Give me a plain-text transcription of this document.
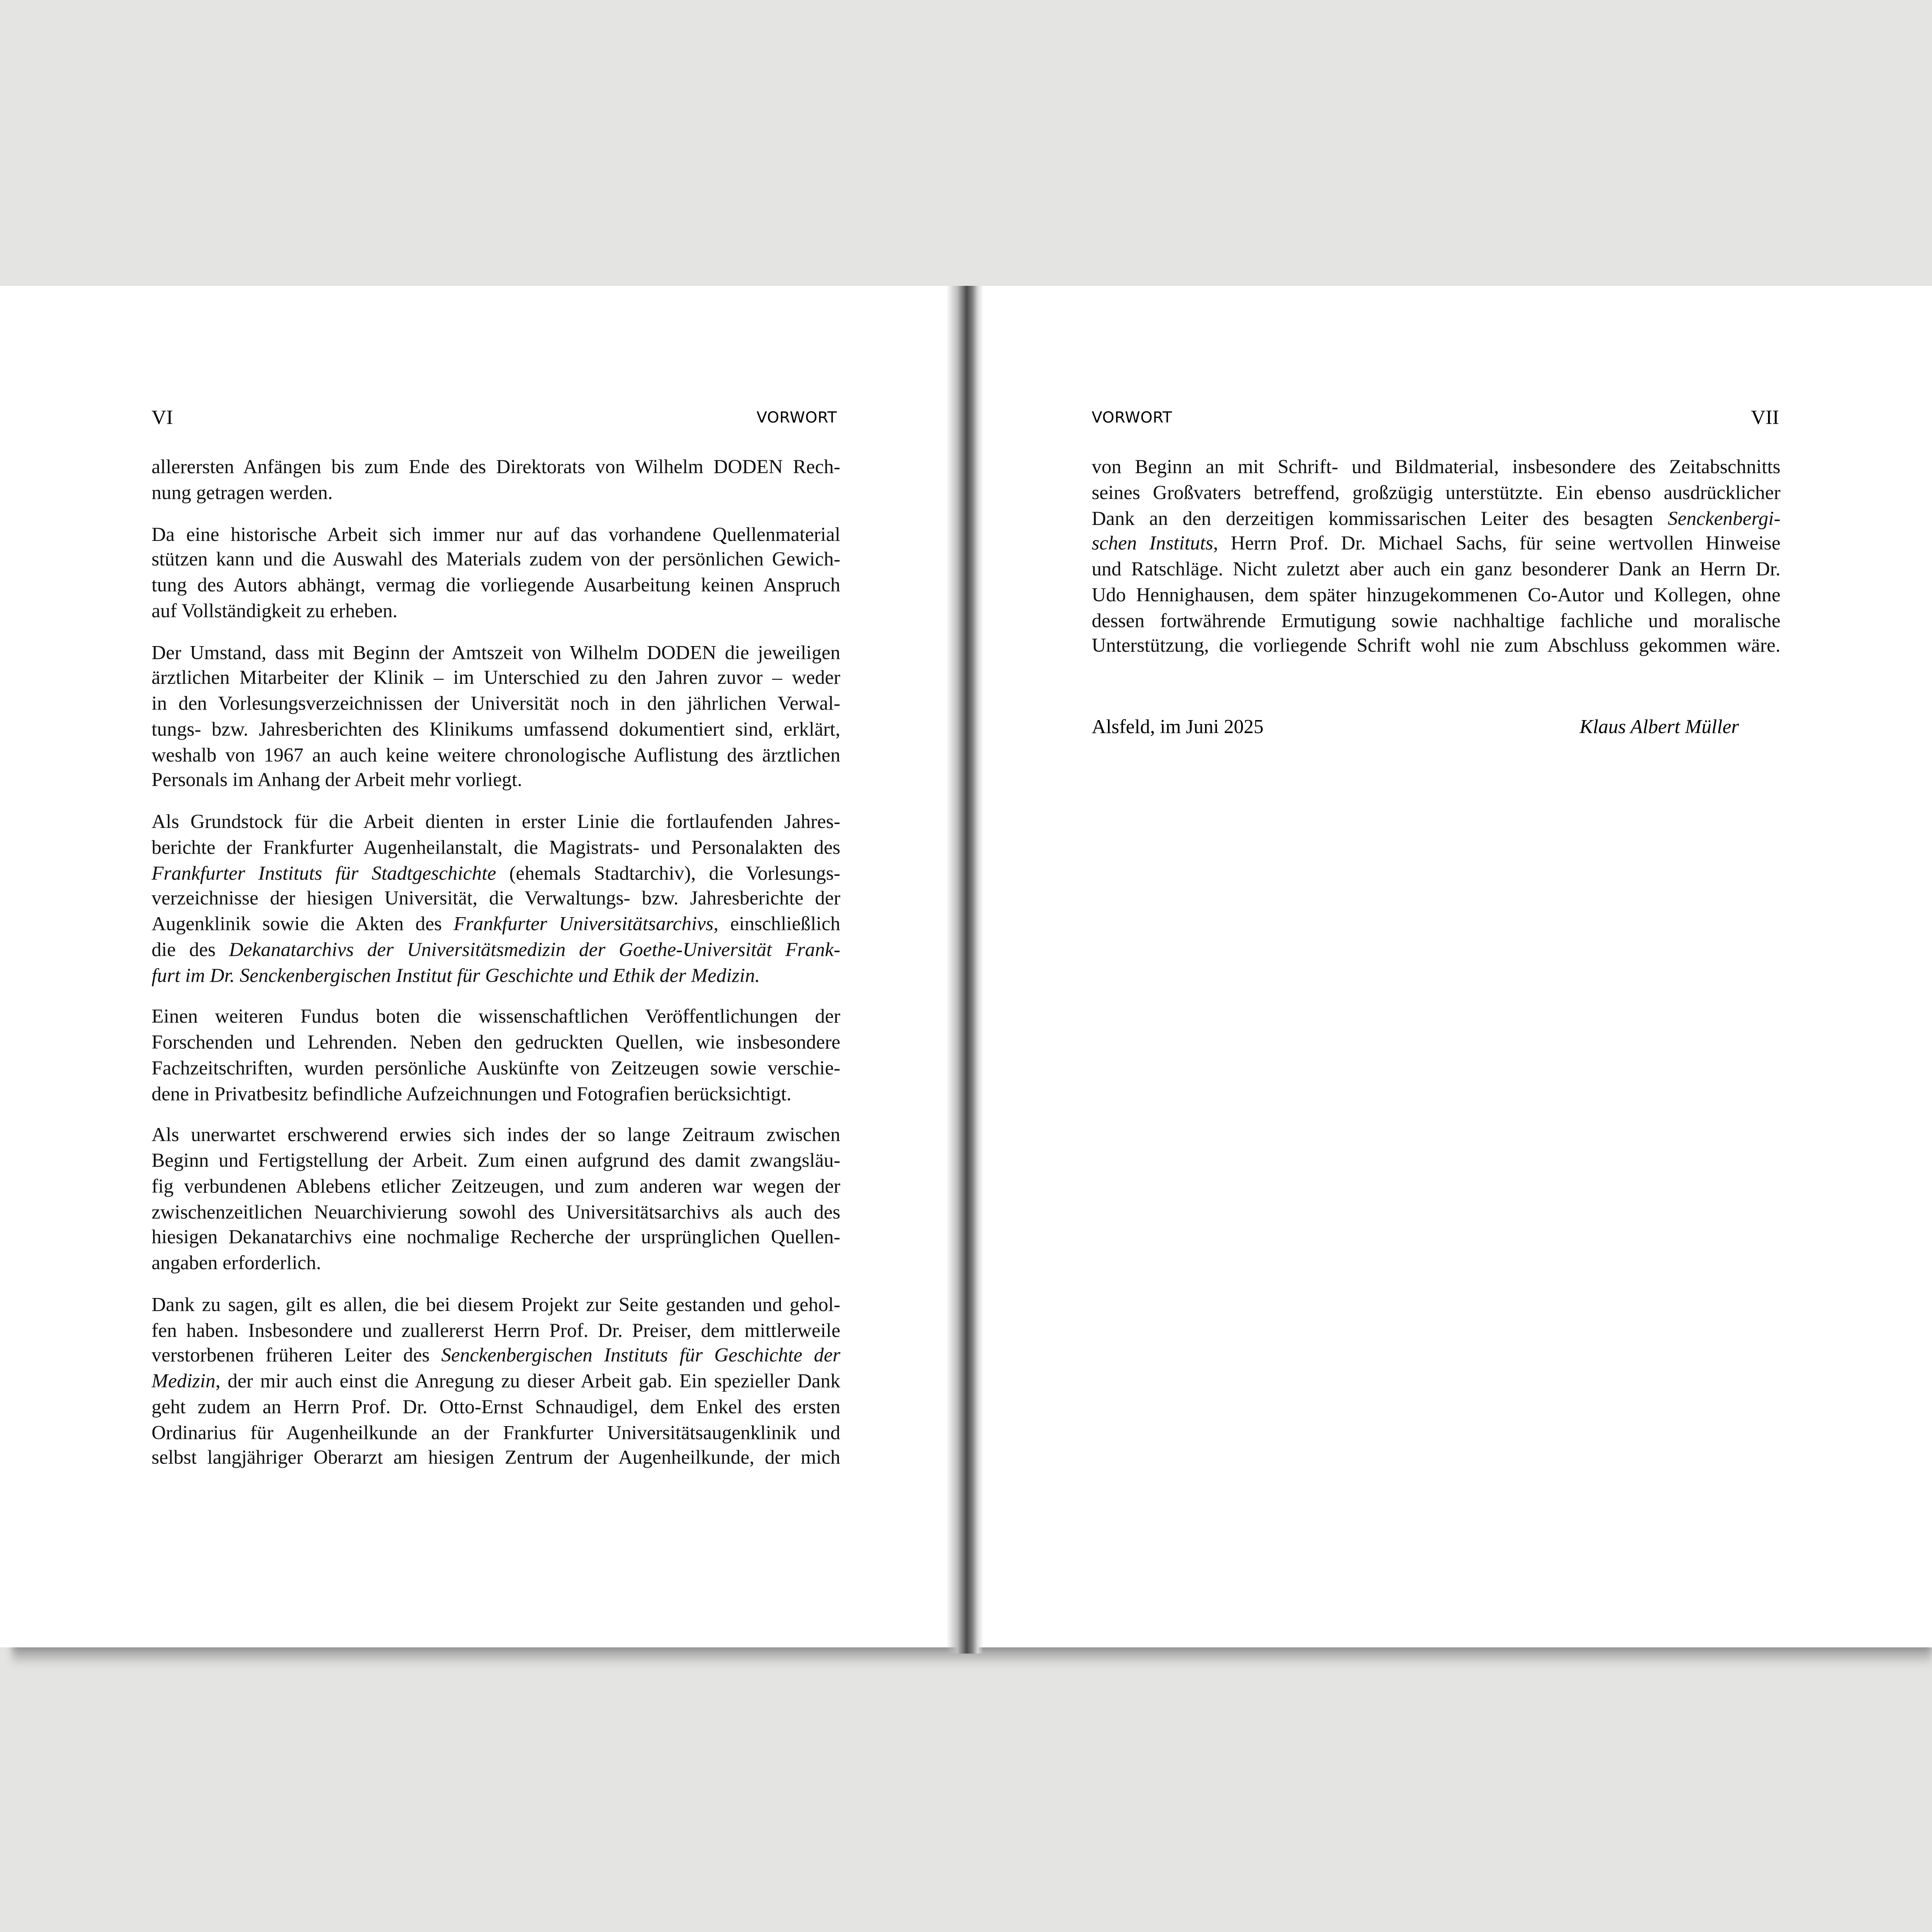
VI	VORWORT	VORWORT	VII
allerersten Anfängen bis zum Ende des Direktorats von Wilhelm DODEN Rech-
nung getragen werden.
Da eine historische Arbeit sich immer nur auf das vorhandene Quellenmaterial
stützen kann und die Auswahl des Materials zudem von der persönlichen Gewich-
tung des Autors abhängt, vermag die vorliegende Ausarbeitung keinen Anspruch
auf Vollständigkeit zu erheben.
Der Umstand, dass mit Beginn der Amtszeit von Wilhelm DODEN die jeweiligen
ärztlichen Mitarbeiter der Klinik – im Unterschied zu den Jahren zuvor – weder
in den Vorlesungsverzeichnissen der Universität noch in den jährlichen Verwal-
tungs- bzw. Jahresberichten des Klinikums umfassend dokumentiert sind, erklärt,
weshalb von 1967 an auch keine weitere chronologische Auflistung des ärztlichen
Personals im Anhang der Arbeit mehr vorliegt.
Als Grundstock für die Arbeit dienten in erster Linie die fortlaufenden Jahres-
berichte der Frankfurter Augenheilanstalt, die Magistrats- und Personalakten des
Frankfurter Instituts für Stadtgeschichte (ehemals Stadtarchiv), die Vorlesungs-
verzeichnisse der hiesigen Universität, die Verwaltungs- bzw. Jahresberichte der
Augenklinik sowie die Akten des Frankfurter Universitätsarchivs, einschließlich
die des Dekanatarchivs der Universitätsmedizin der Goethe-Universität Frank-
furt im Dr. Senckenbergischen Institut für Geschichte und Ethik der Medizin.
Einen weiteren Fundus boten die wissenschaftlichen Veröffentlichungen der
Forschenden und Lehrenden. Neben den gedruckten Quellen, wie insbesondere
Fachzeitschriften, wurden persönliche Auskünfte von Zeitzeugen sowie verschie-
dene in Privatbesitz befindliche Aufzeichnungen und Fotografien berücksichtigt.
Als unerwartet erschwerend erwies sich indes der so lange Zeitraum zwischen
Beginn und Fertigstellung der Arbeit. Zum einen aufgrund des damit zwangsläu-
fig verbundenen Ablebens etlicher Zeitzeugen, und zum anderen war wegen der
zwischenzeitlichen Neuarchivierung sowohl des Universitätsarchivs als auch des
hiesigen Dekanatarchivs eine nochmalige Recherche der ursprünglichen Quellen-
angaben erforderlich.
Dank zu sagen, gilt es allen, die bei diesem Projekt zur Seite gestanden und gehol-
fen haben. Insbesondere und zuallererst Herrn Prof. Dr. Preiser, dem mittlerweile
verstorbenen früheren Leiter des Senckenbergischen Instituts für Geschichte der
Medizin, der mir auch einst die Anregung zu dieser Arbeit gab. Ein spezieller Dank
geht zudem an Herrn Prof. Dr. Otto-Ernst Schnaudigel, dem Enkel des ersten
Ordinarius für Augenheilkunde an der Frankfurter Universitätsaugenklinik und
selbst langjähriger Oberarzt am hiesigen Zentrum der Augenheilkunde, der mich
von Beginn an mit Schrift- und Bildmaterial, insbesondere des Zeitabschnitts
seines Großvaters betreffend, großzügig unterstützte. Ein ebenso ausdrücklicher
Dank an den derzeitigen kommissarischen Leiter des besagten Senckenbergi-
schen Instituts, Herrn Prof. Dr. Michael Sachs, für seine wertvollen Hinweise
und Ratschläge. Nicht zuletzt aber auch ein ganz besonderer Dank an Herrn Dr.
Udo Hennighausen, dem später hinzugekommenen Co-Autor und Kollegen, ohne
dessen fortwährende Ermutigung sowie nachhaltige fachliche und moralische
Unterstützung, die vorliegende Schrift wohl nie zum Abschluss gekommen wäre.
Alsfeld, im Juni 2025	Klaus Albert Müller
